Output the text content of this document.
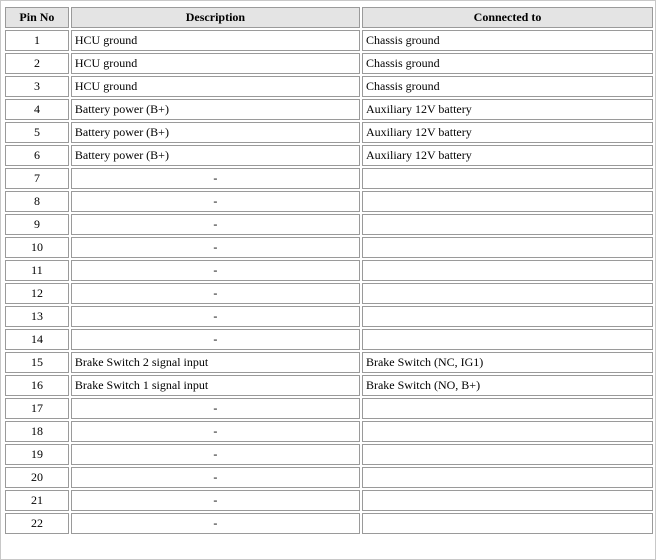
Pin No	Description	Connected to
1	HCU ground	Chassis ground
2	HCU ground	Chassis ground
3	HCU ground	Chassis ground
4	Battery power (B+)	Auxiliary 12V battery
5	Battery power (B+)	Auxiliary 12V battery
6	Battery power (B+)	Auxiliary 12V battery
7	-	
8	-	
9	-	
10	-	
11	-	
12	-	
13	-	
14	-	
15	Brake Switch 2 signal input	Brake Switch (NC, IG1)
16	Brake Switch 1 signal input	Brake Switch (NO, B+)
17	-	
18	-	
19	-	
20	-	
21	-	
22	-	
